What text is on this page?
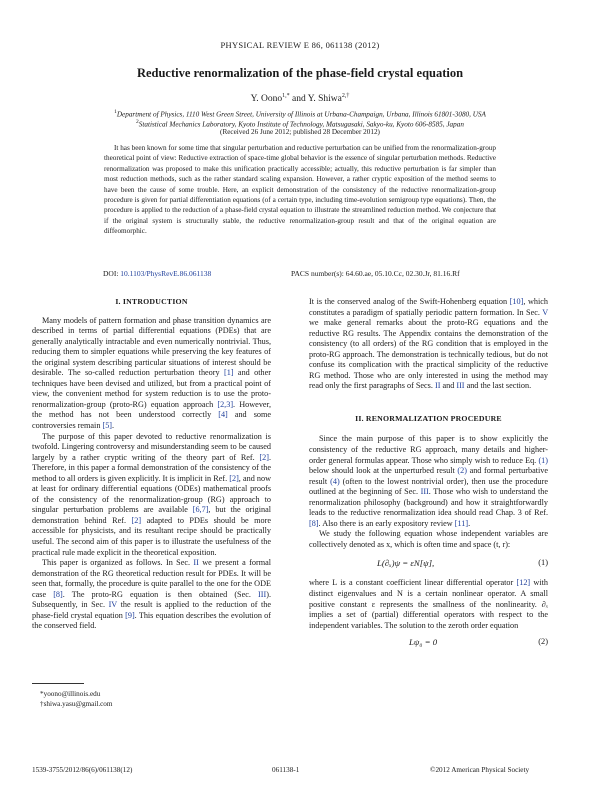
PHYSICAL REVIEW E 86, 061138 (2012)
Reductive renormalization of the phase-field crystal equation
Y. Oono$^{1,*}$ and Y. Shiwa$^{2,\dagger}$
$^1$Department of Physics, 1110 West Green Street, University of Illinois at Urbana-Champaign, Urbana, Illinois 61801-3080, USA
$^2$Statistical Mechanics Laboratory, Kyoto Institute of Technology, Matsugasaki, Sakyo-ku, Kyoto 606-8585, Japan
(Received 26 June 2012; published 28 December 2012)
It has been known for some time that singular perturbation and reductive perturbation can be unified from the renormalization-group theoretical point of view: Reductive extraction of space-time global behavior is the essence of singular perturbation methods. Reductive renormalization was proposed to make this unification practically accessible; actually, this reductive perturbation is far simpler than most reduction methods, such as the rather standard scaling expansion. However, a rather cryptic exposition of the method seems to have been the cause of some trouble. Here, an explicit demonstration of the consistency of the reductive renormalization-group procedure is given for partial differentiation equations (of a certain type, including time-evolution semigroup type equations). Then, the procedure is applied to the reduction of a phase-field crystal equation to illustrate the streamlined reduction method. We conjecture that if the original system is structurally stable, the reductive renormalization-group result and that of the original equation are diffeomorphic.
DOI: 10.1103/PhysRevE.86.061138	PACS number(s): 64.60.ae, 05.10.Cc, 02.30.Jr, 81.16.Rf
I. INTRODUCTION

Many models of pattern formation and phase transition dynamics are described in terms of partial differential equations (PDEs) that are generally analytically intractable and even numerically nontrivial. Thus, reducing them to simpler equations while preserving the key features of the original system describing particular situations of interest should be desirable. The so-called reduction perturbation theory [1] and other techniques have been devised and utilized, but from a practical point of view, the convenient method for system reduction is to use the proto-renormalization-group (proto-RG) equation approach [2,3]. However, the method has not been understood correctly [4] and some controversies remain [5].

The purpose of this paper devoted to reductive renormalization is twofold. Lingering controversy and misunderstanding seem to be caused largely by a rather cryptic writing of the theory part of Ref. [2]. Therefore, in this paper a formal demonstration of the consistency of the method to all orders is given explicitly. It is implicit in Ref. [2], and now at least for ordinary differential equations (ODEs) mathematical proofs of the consistency of the renormalization-group (RG) approach to singular perturbation problems are available [6,7], but the original demonstration behind Ref. [2] adapted to PDEs should be more accessible for physicists, and its resultant recipe should be practically useful. The second aim of this paper is to illustrate the usefulness of the practical rule made explicit in the theoretical exposition.

This paper is organized as follows. In Sec. II we present a formal demonstration of the RG theoretical reduction result for PDEs. It will be seen that, formally, the procedure is quite parallel to the one for the ODE case [8]. The proto-RG equation is then obtained (Sec. III). Subsequently, in Sec. IV the result is applied to the reduction of the phase-field crystal equation [9]. This equation describes the evolution of the conserved field.

*yoono@illinois.edu
†shiwa.yasu@gmail.com

It is the conserved analog of the Swift-Hohenberg equation [10], which constitutes a paradigm of spatially periodic pattern formation. In Sec. V we make general remarks about the proto-RG equations and the reductive RG results. The Appendix contains the demonstration of the consistency (to all orders) of the RG condition that is employed in the proto-RG approach. The demonstration is technically tedious, but do not confuse its complication with the practical simplicity of the reductive RG method. Those who are only interested in using the method may read only the first paragraphs of Secs. II and III and the last section.

II. RENORMALIZATION PROCEDURE

Since the main purpose of this paper is to show explicitly the consistency of the reductive RG approach, many details and higher-order general formulas appear. Those who simply wish to reduce Eq. (1) below should look at the unperturbed result (2) and formal perturbative result (4) (often to the lowest nontrivial order), then use the procedure outlined at the beginning of Sec. III. Those who wish to understand the renormalization philosophy (background) and how it straightforwardly leads to the reductive renormalization idea should read Chap. 3 of Ref. [8]. Also there is an early expository review [11].

We study the following equation whose independent variables are collectively denoted as x, which is often time and space (t, r):

L(∂ₓ)ψ = εN[ψ],	(1)

where L is a constant coefficient linear differential operator [12] with distinct eigenvalues and N is a certain nonlinear operator. A small positive constant ε represents the smallness of the nonlinearity. ∂ₓ implies a set of (partial) differential operators with respect to the independent variables. The solution to the zeroth order equation

Lψ₀ = 0	(2)
1539-3755/2012/86(6)/061138(12)	061138-1	©2012 American Physical Society
